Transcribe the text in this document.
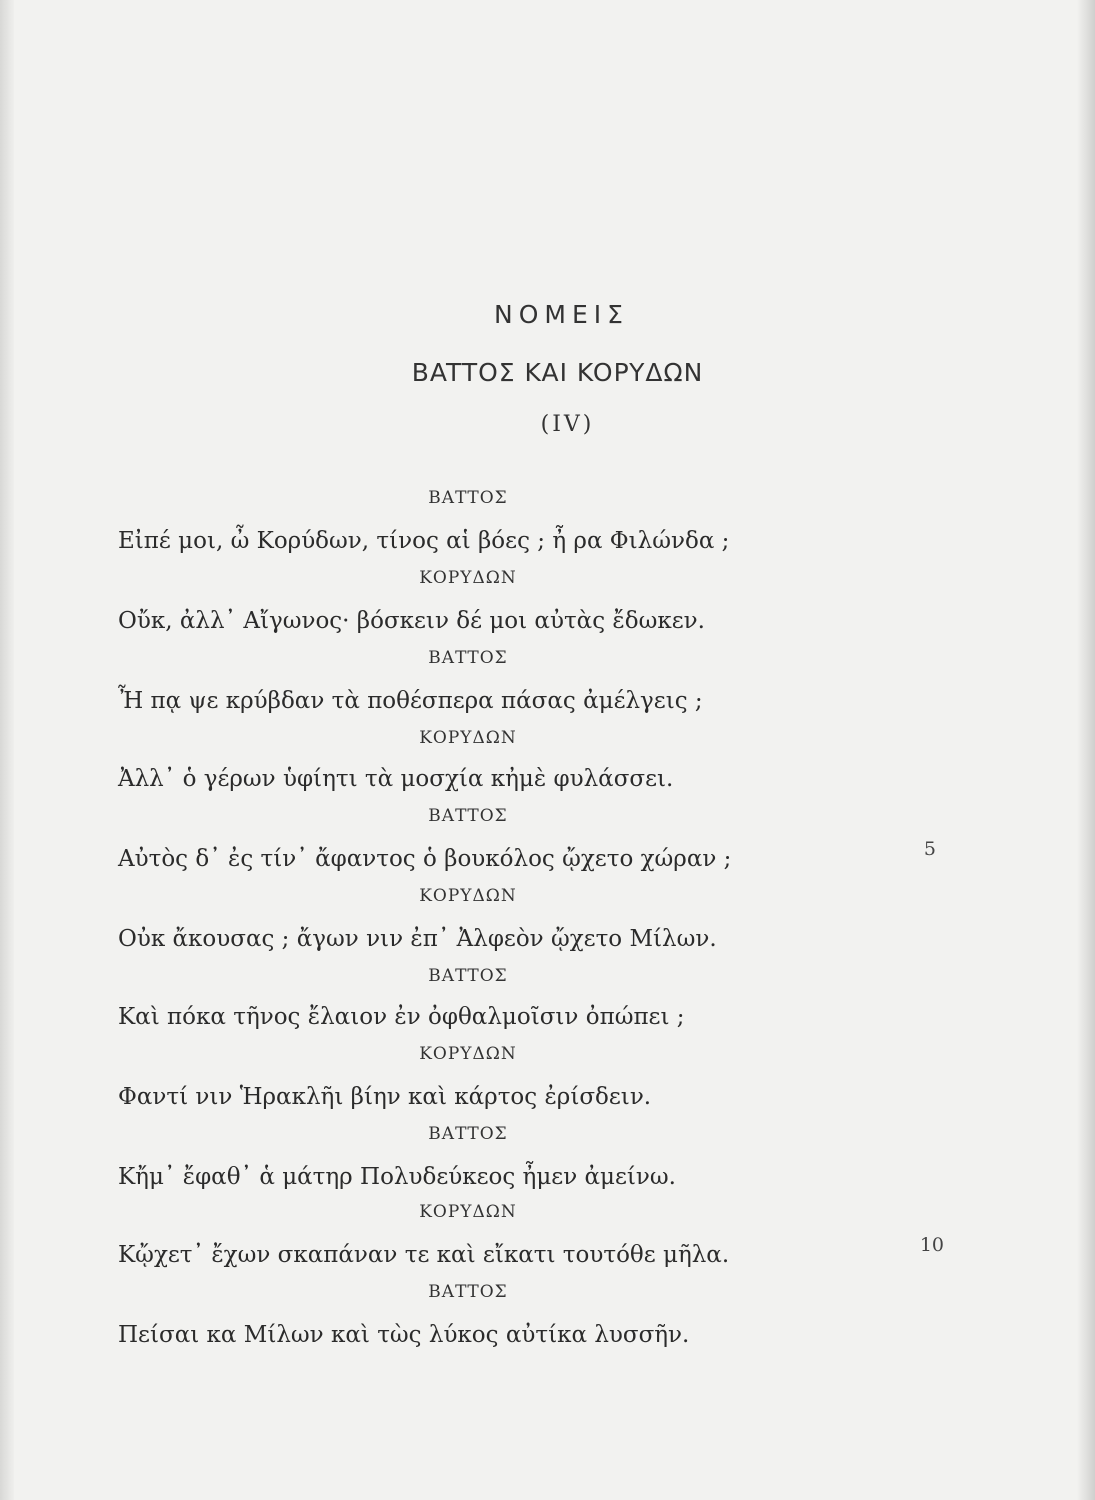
NOMEIΣ
BATTOΣ KAI KOPYΔΩN
(IV)
ΒΑΤΤΟΣ
Εἰπέ μοι, ὦ Κορύδων, τίνος αἱ βόες ; ἦ ρα Φιλώνδα ;
ΚΟΡΥΔΩΝ
Οὔκ, ἀλλ᾽ Αἴγωνος· βόσκειν δέ μοι αὐτὰς ἔδωκεν.
ΒΑΤΤΟΣ
Ἦ πᾳ ψε κρύβδαν τὰ ποθέσπερα πάσας ἀμέλγεις ;
ΚΟΡΥΔΩΝ
Ἀλλ᾽ ὁ γέρων ὑφίητι τὰ μοσχία κἠμὲ φυλάσσει.
ΒΑΤΤΟΣ
Αὐτὸς δ᾽ ἐς τίν᾽ ἄφαντος ὁ βουκόλος ᾤχετο χώραν ;	5
ΚΟΡΥΔΩΝ
Οὐκ ἄκουσας ; ἄγων νιν ἐπ᾽ Ἀλφεὸν ᾤχετο Μίλων.
ΒΑΤΤΟΣ
Καὶ πόκα τῆνος ἔλαιον ἐν ὀφθαλμοῖσιν ὀπώπει ;
ΚΟΡΥΔΩΝ
Φαντί νιν Ἡρακλῆι βίην καὶ κάρτος ἐρίσδειν.
ΒΑΤΤΟΣ
Κἤμ᾽ ἔφαθ᾽ ἁ μάτηρ Πολυδεύκεος ἦμεν ἀμείνω.
ΚΟΡΥΔΩΝ
Κᾤχετ᾽ ἔχων σκαπάναν τε καὶ εἴκατι τουτόθε μῆλα.	10
ΒΑΤΤΟΣ
Πείσαι κα Μίλων καὶ τὼς λύκος αὐτίκα λυσσῆν.
